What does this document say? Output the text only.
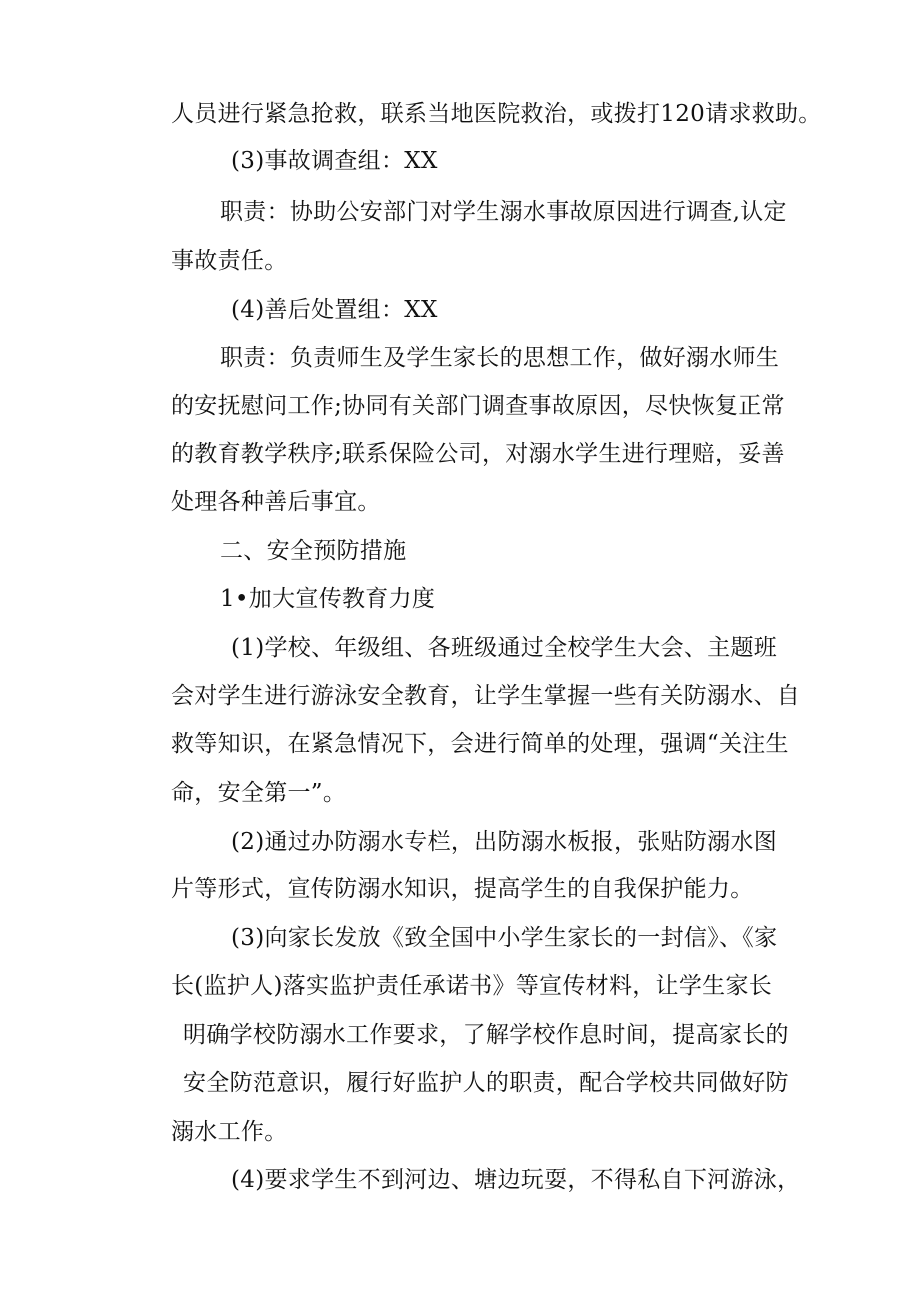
人员进行紧急抢救，联系当地医院救治，或拨打120请求救助。

(3)事故调查组：XX

职责：协助公安部门对学生溺水事故原因进行调查,认定

事故责任。

(4)善后处置组：XX

职责：负责师生及学生家长的思想工作，做好溺水师生

的安抚慰问工作;协同有关部门调查事故原因，尽快恢复正常

的教育教学秩序;联系保险公司，对溺水学生进行理赔，妥善

处理各种善后事宜。

二、安全预防措施

1•加大宣传教育力度

(1)学校、年级组、各班级通过全校学生大会、主题班

会对学生进行游泳安全教育，让学生掌握一些有关防溺水、自

救等知识，在紧急情况下，会进行简单的处理，强调“关注生

命，安全第一”。

(2)通过办防溺水专栏，出防溺水板报，张贴防溺水图

片等形式，宣传防溺水知识，提高学生的自我保护能力。

(3)向家长发放《致全国中小学生家长的一封信》、《家

长(监护人)落实监护责任承诺书》等宣传材料，让学生家长

明确学校防溺水工作要求，了解学校作息时间，提高家长的

安全防范意识，履行好监护人的职责，配合学校共同做好防

溺水工作。

(4)要求学生不到河边、塘边玩耍，不得私自下河游泳，
